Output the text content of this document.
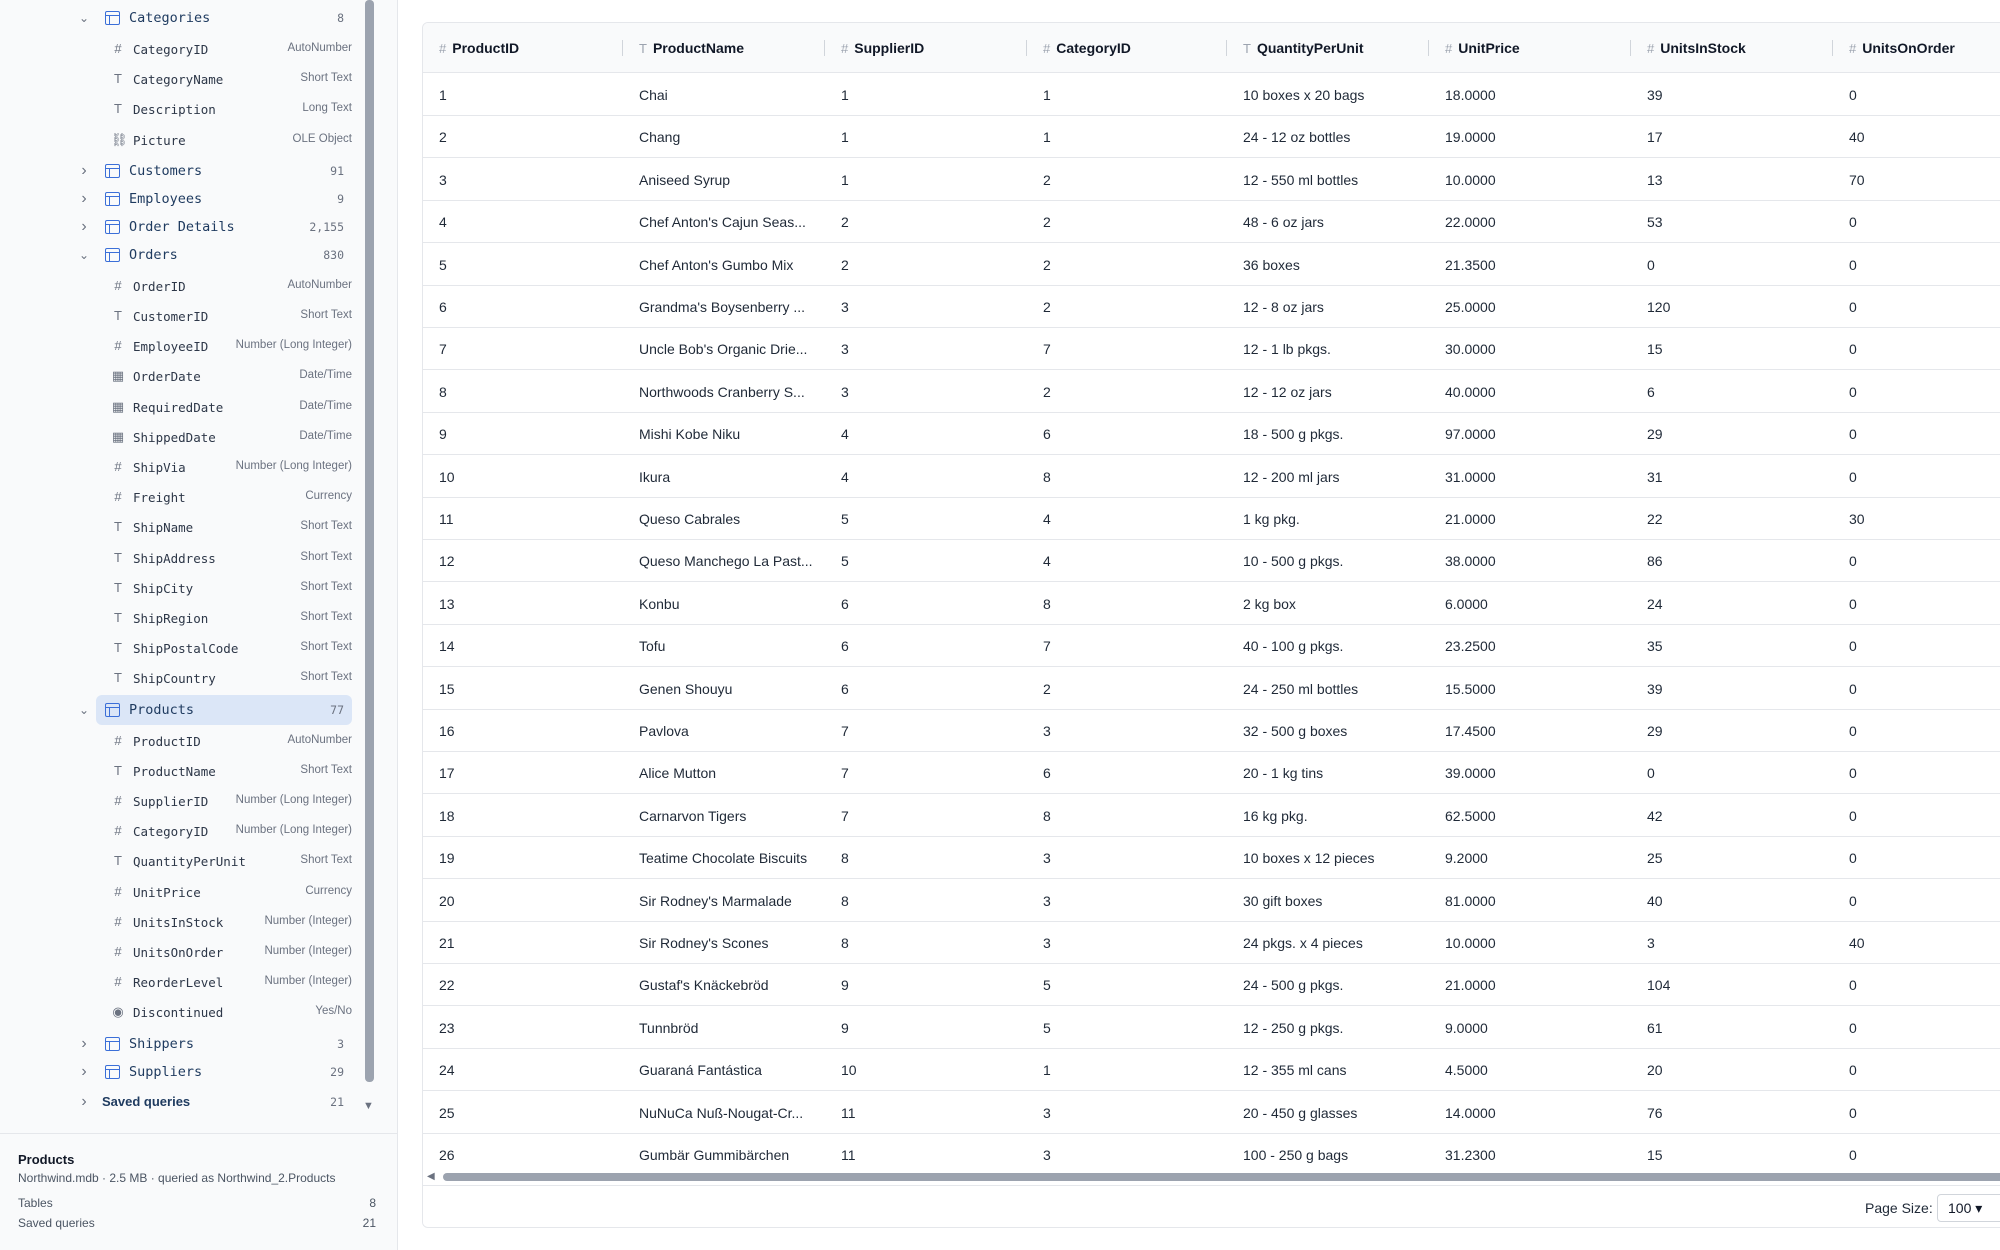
⌄	Categories	8
# CategoryID	AutoNumber
T CategoryName	Short Text
T Description	Long Text
⛓ Picture	OLE Object
›	Customers	91
›	Employees	9
›	Order Details	2,155
⌄	Orders	830
# OrderID	AutoNumber
T CustomerID	Short Text
# EmployeeID Number (Long Integer)
▦ OrderDate	Date/Time
▦ RequiredDate	Date/Time
▦ ShippedDate	Date/Time
# ShipVia	Number (Long Integer)
# Freight	Currency
T ShipName	Short Text
T ShipAddress	Short Text
T ShipCity	Short Text
T ShipRegion	Short Text
T ShipPostalCode	Short Text
T ShipCountry	Short Text
⌄	Products	77
# ProductID	AutoNumber
T ProductName	Short Text
# SupplierID Number (Long Integer)
# CategoryID Number (Long Integer)
T QuantityPerUnit	Short Text
# UnitPrice	Currency
# UnitsInStock	Number (Integer)
# UnitsOnOrder	Number (Integer)
# ReorderLevel	Number (Integer)
◉ Discontinued	Yes/No
›	Shippers	3
›	Suppliers	29
›	Saved queries	21 ▼
Products
Northwind.mdb · 2.5 MB · queried as Northwind_2.Products
Tables	8
Saved queries	21
# ProductID	T ProductName	# SupplierID	# CategoryID	T QuantityPerUnit	# UnitPrice	# UnitsInStock	# UnitsOnOrder
1	Chai	1	1	10 boxes x 20 bags	18.0000	39	0
2	Chang	1	1	24 - 12 oz bottles	19.0000	17	40
3	Aniseed Syrup	1	2	12 - 550 ml bottles	10.0000	13	70
4	Chef Anton's Cajun Seas...	2	2	48 - 6 oz jars	22.0000	53	0
5	Chef Anton's Gumbo Mix	2	2	36 boxes	21.3500	0	0
6	Grandma's Boysenberry ...	3	2	12 - 8 oz jars	25.0000	120	0
7	Uncle Bob's Organic Drie...	3	7	12 - 1 lb pkgs.	30.0000	15	0
8	Northwoods Cranberry S...	3	2	12 - 12 oz jars	40.0000	6	0
9	Mishi Kobe Niku	4	6	18 - 500 g pkgs.	97.0000	29	0
10	Ikura	4	8	12 - 200 ml jars	31.0000	31	0
11	Queso Cabrales	5	4	1 kg pkg.	21.0000	22	30
12	Queso Manchego La Past...	5	4	10 - 500 g pkgs.	38.0000	86	0
13	Konbu	6	8	2 kg box	6.0000	24	0
14	Tofu	6	7	40 - 100 g pkgs.	23.2500	35	0
15	Genen Shouyu	6	2	24 - 250 ml bottles	15.5000	39	0
16	Pavlova	7	3	32 - 500 g boxes	17.4500	29	0
17	Alice Mutton	7	6	20 - 1 kg tins	39.0000	0	0
18	Carnarvon Tigers	7	8	16 kg pkg.	62.5000	42	0
19	Teatime Chocolate Biscuits	8	3	10 boxes x 12 pieces	9.2000	25	0
20	Sir Rodney's Marmalade	8	3	30 gift boxes	81.0000	40	0
21	Sir Rodney's Scones	8	3	24 pkgs. x 4 pieces	10.0000	3	40
22	Gustaf's Knäckebröd	9	5	24 - 500 g pkgs.	21.0000	104	0
23	Tunnbröd	9	5	12 - 250 g pkgs.	9.0000	61	0
24	Guaraná Fantástica	10	1	12 - 355 ml cans	4.5000	20	0
25	NuNuCa Nuß-Nougat-Cr...	11	3	20 - 450 g glasses	14.0000	76	0
26	Gumbär Gummibärchen	11	3	100 - 250 g bags	31.2300	15	0
◀
Page Size:	100 ▾
